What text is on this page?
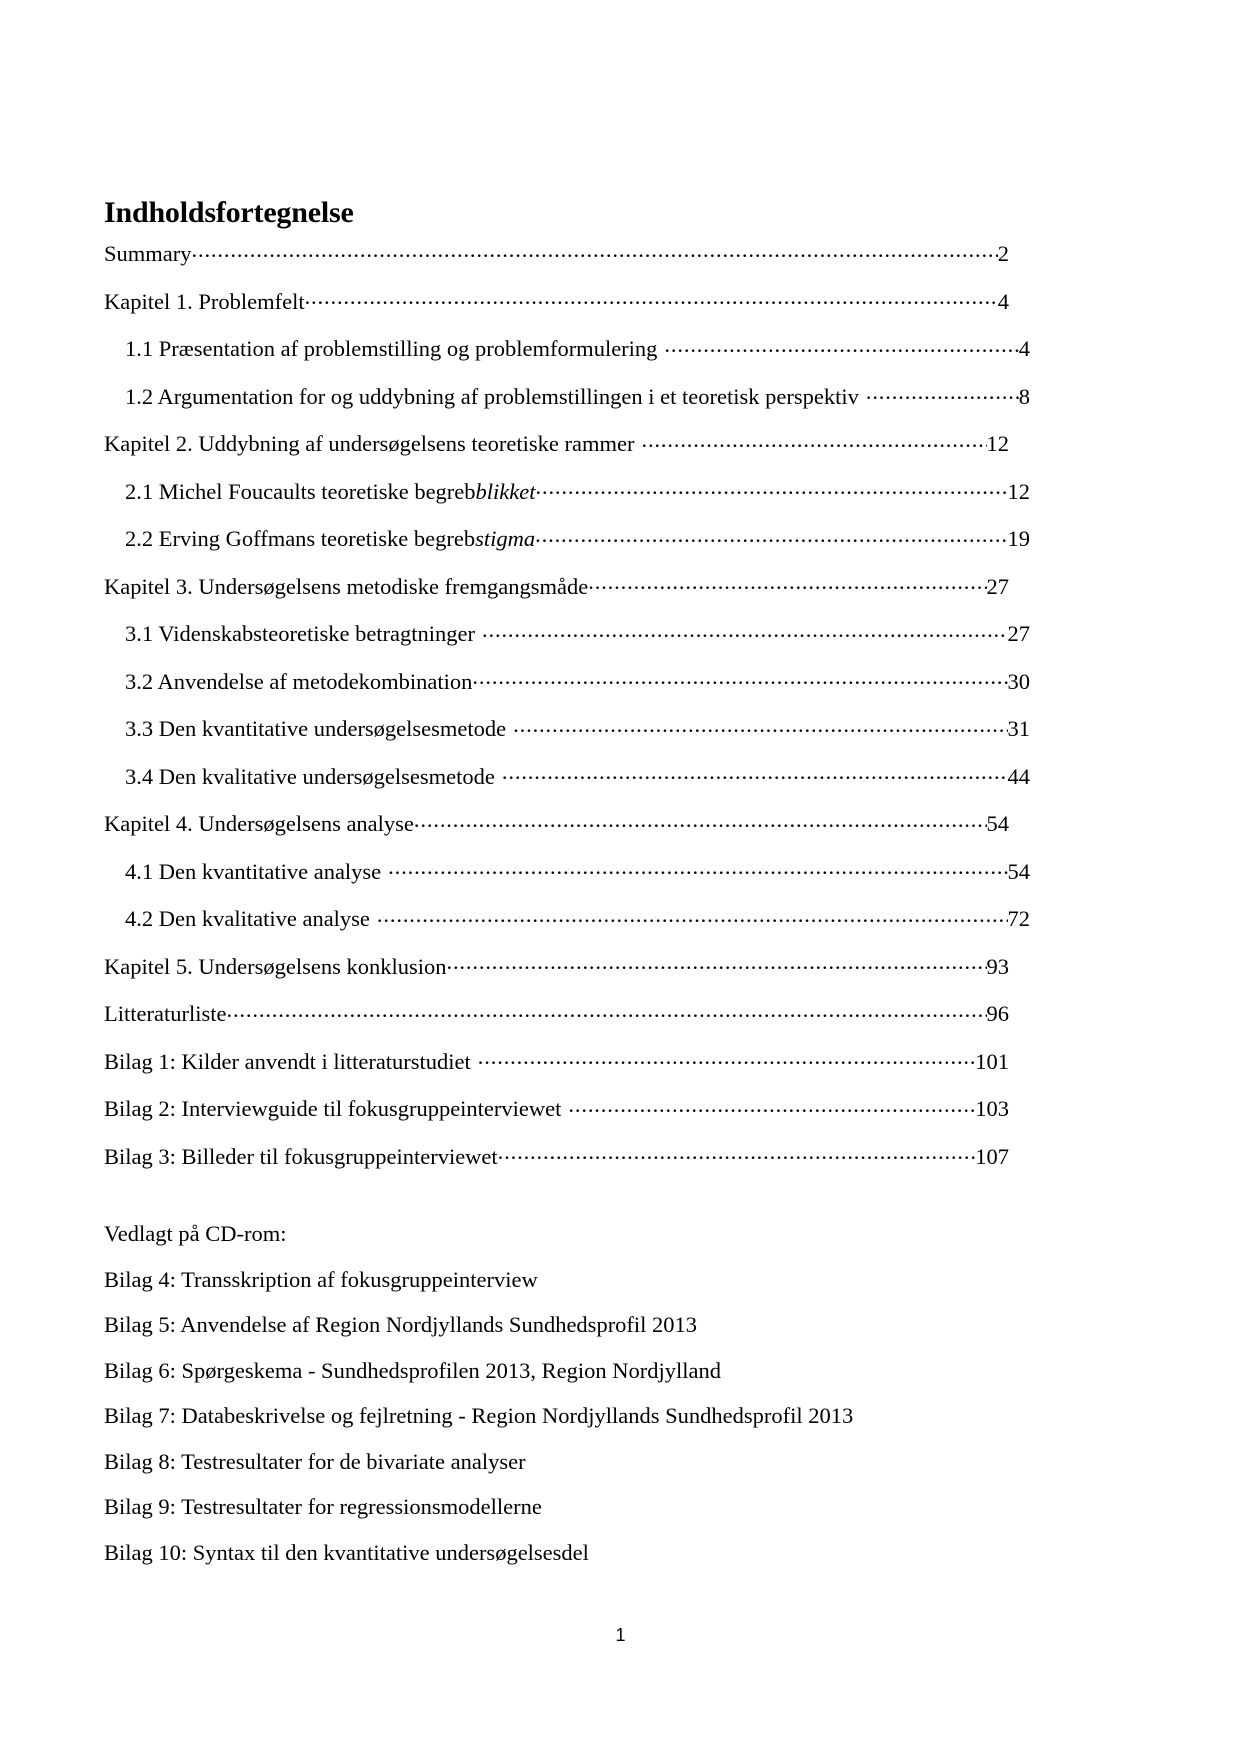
Indholdsfortegnelse
Summary .....	2
Kapitel 1. Problemfelt .....	4
1.1 Præsentation af problemstilling og problemformulering .....	4
1.2 Argumentation for og uddybning af problemstillingen i et teoretisk perspektiv .....	8
Kapitel 2. Uddybning af undersøgelsens teoretiske rammer .....	12
2.1 Michel Foucaults teoretiske begreb blikket .....	12
2.2 Erving Goffmans teoretiske begreb stigma .....	19
Kapitel 3. Undersøgelsens metodiske fremgangsmåde .....	27
3.1 Videnskabsteoretiske betragtninger .....	27
3.2 Anvendelse af metodekombination .....	30
3.3 Den kvantitative undersøgelsesmetode .....	31
3.4 Den kvalitative undersøgelsesmetode .....	44
Kapitel 4. Undersøgelsens analyse .....	54
4.1 Den kvantitative analyse .....	54
4.2 Den kvalitative analyse .....	72
Kapitel 5. Undersøgelsens konklusion .....	93
Litteraturliste .....	96
Bilag 1: Kilder anvendt i litteraturstudiet .....	101
Bilag 2: Interviewguide til fokusgruppeinterviewet .....	103
Bilag 3: Billeder til fokusgruppeinterviewet .....	107
Vedlagt på CD-rom:
Bilag 4: Transskription af fokusgruppeinterview
Bilag 5: Anvendelse af Region Nordjyllands Sundhedsprofil 2013
Bilag 6: Spørgeskema - Sundhedsprofilen 2013, Region Nordjylland
Bilag 7: Databeskrivelse og fejlretning - Region Nordjyllands Sundhedsprofil 2013
Bilag 8: Testresultater for de bivariate analyser
Bilag 9: Testresultater for regressionsmodellerne
Bilag 10: Syntax til den kvantitative undersøgelsesdel
1
